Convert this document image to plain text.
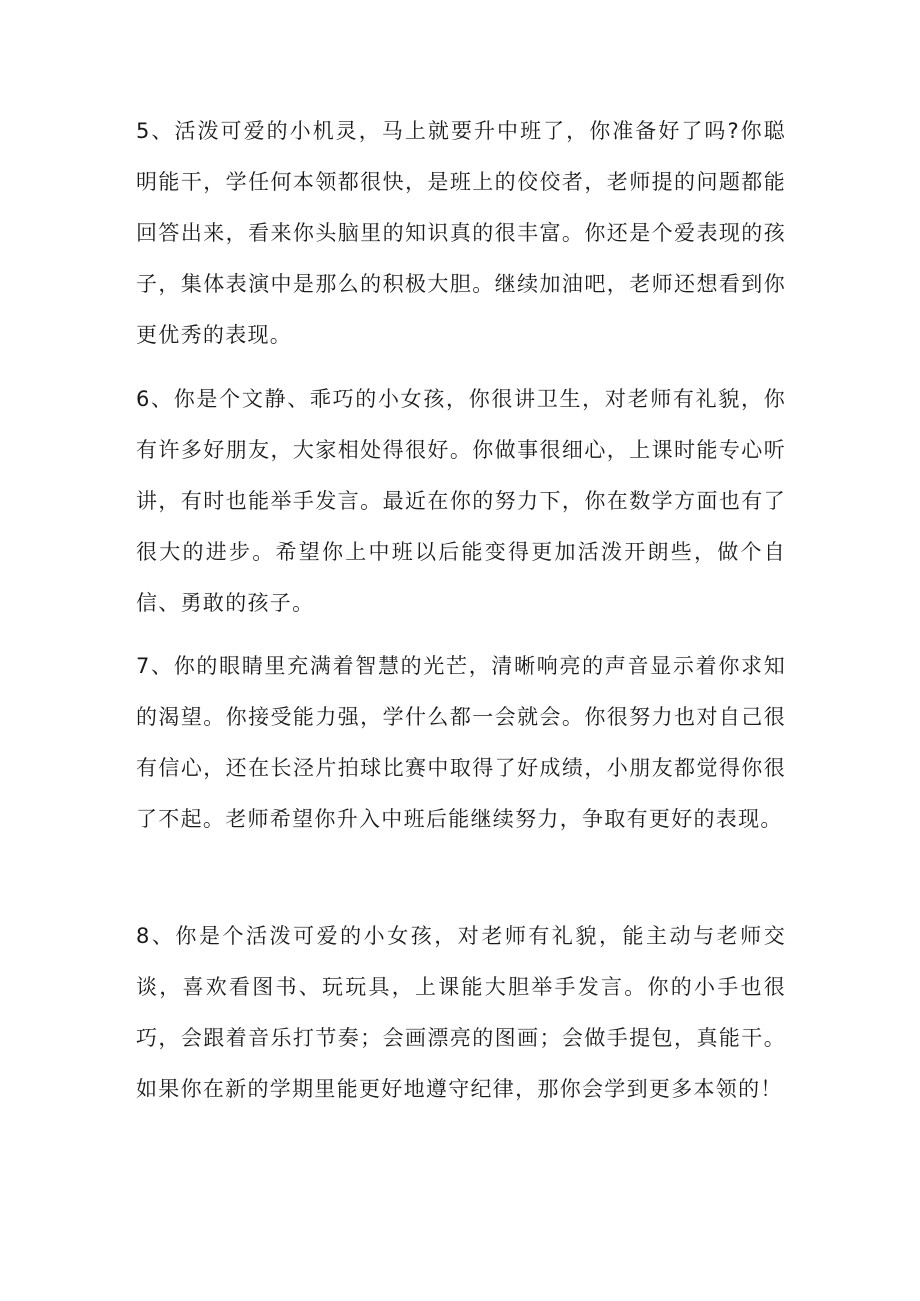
5、活泼可爱的小机灵，马上就要升中班了，你准备好了吗?你聪明能干，学任何本领都很快，是班上的佼佼者，老师提的问题都能回答出来，看来你头脑里的知识真的很丰富。你还是个爱表现的孩子，集体表演中是那么的积极大胆。继续加油吧，老师还想看到你更优秀的表现。

6、你是个文静、乖巧的小女孩，你很讲卫生，对老师有礼貌，你有许多好朋友，大家相处得很好。你做事很细心，上课时能专心听讲，有时也能举手发言。最近在你的努力下，你在数学方面也有了很大的进步。希望你上中班以后能变得更加活泼开朗些，做个自信、勇敢的孩子。

7、你的眼睛里充满着智慧的光芒，清晰响亮的声音显示着你求知的渴望。你接受能力强，学什么都一会就会。你很努力也对自己很有信心，还在长泾片拍球比赛中取得了好成绩，小朋友都觉得你很了不起。老师希望你升入中班后能继续努力，争取有更好的表现。

8、你是个活泼可爱的小女孩，对老师有礼貌，能主动与老师交谈，喜欢看图书、玩玩具，上课能大胆举手发言。你的小手也很巧，会跟着音乐打节奏；会画漂亮的图画；会做手提包，真能干。如果你在新的学期里能更好地遵守纪律，那你会学到更多本领的！
